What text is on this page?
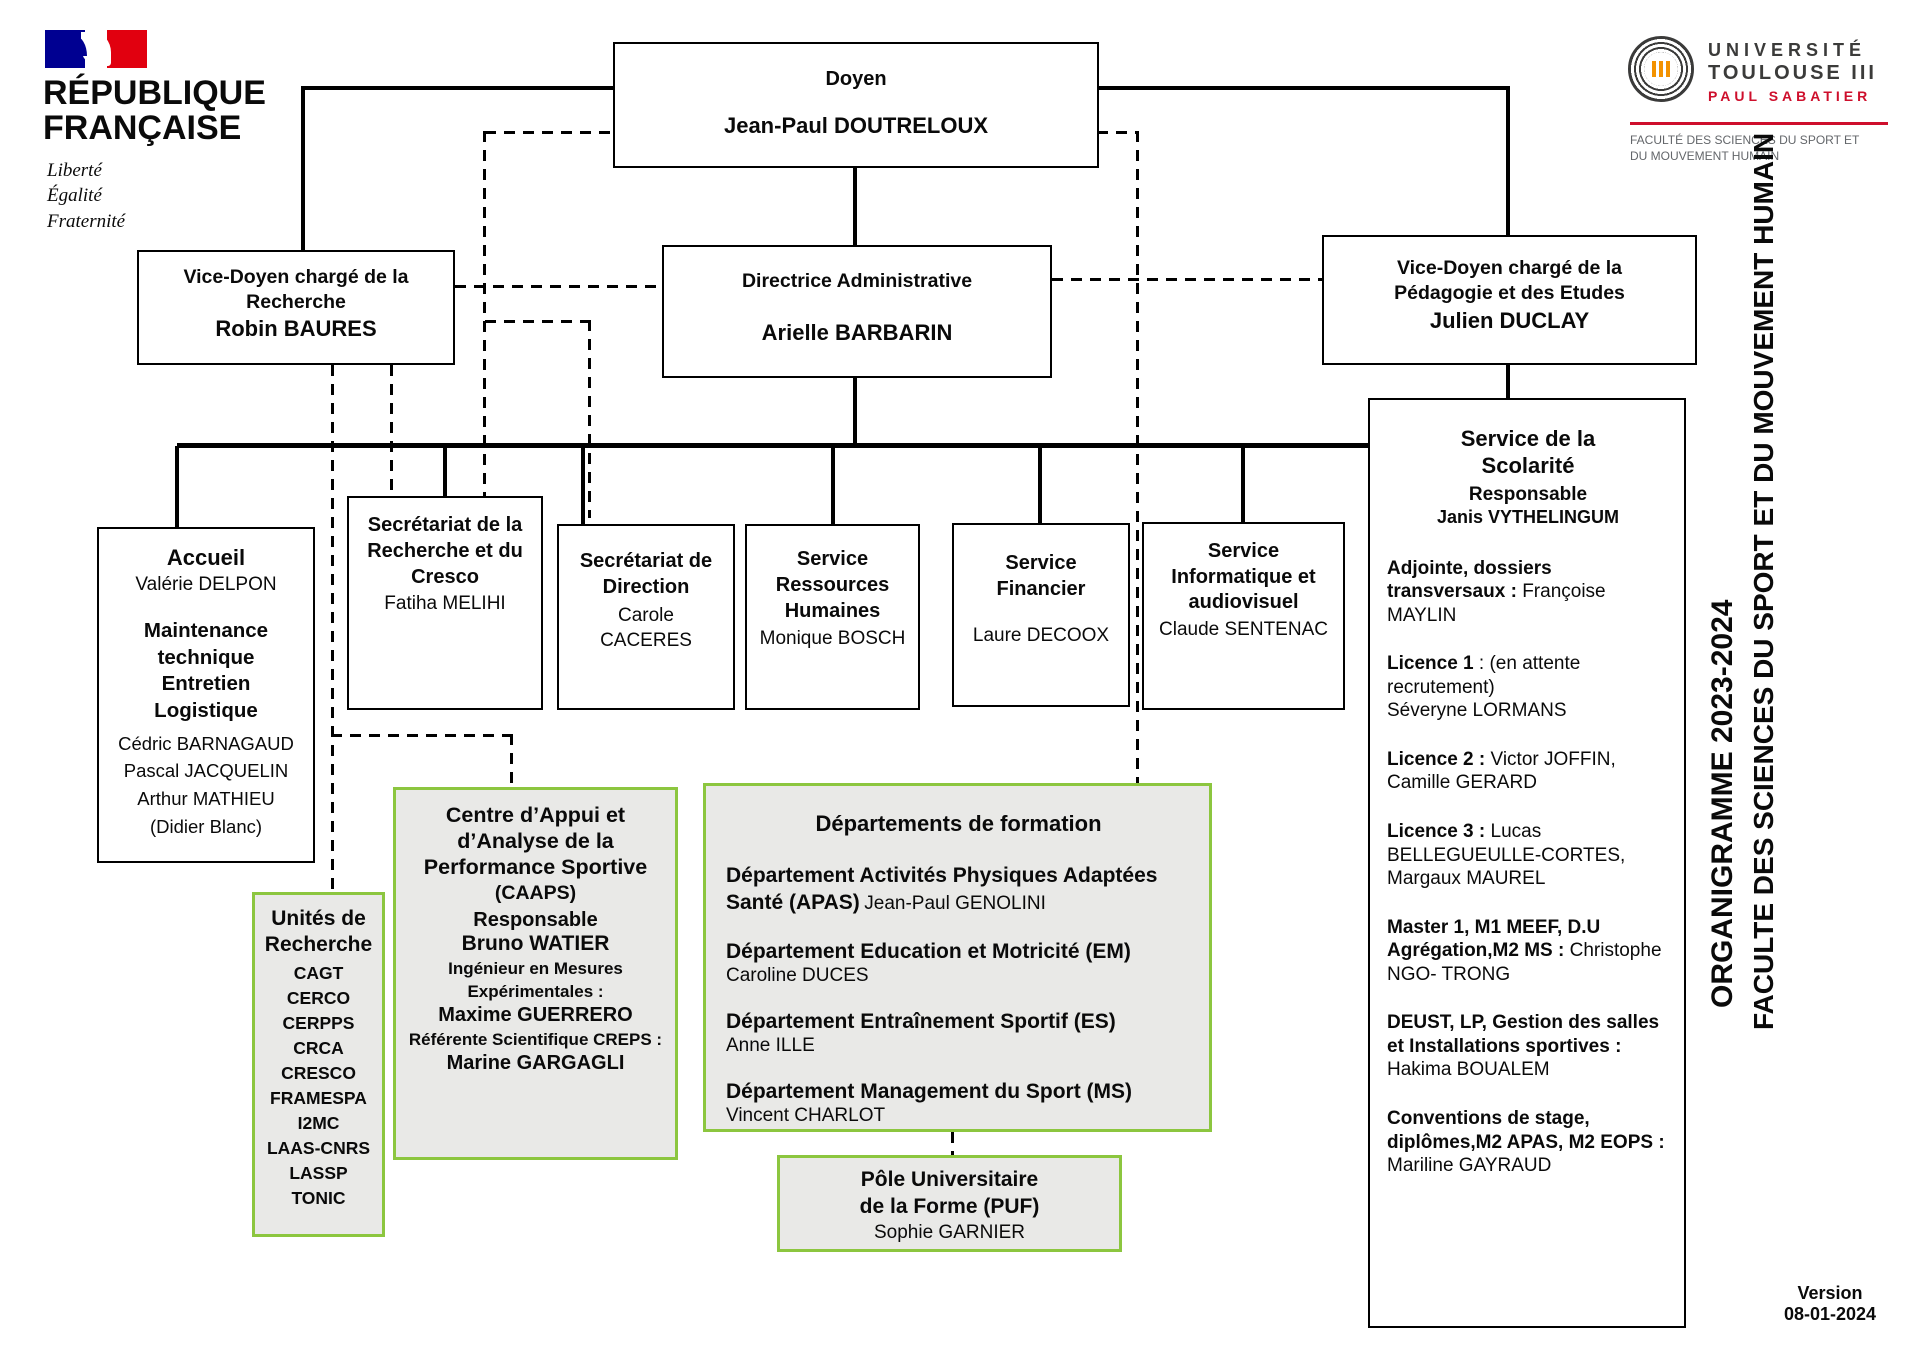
RÉPUBLIQUE
FRANÇAISE
Liberté
Égalité
Fraternité
UNIVERSITÉ
TOULOUSE III
PAUL SABATIER
FACULTÉ DES SCIENCES DU SPORT ET
DU MOUVEMENT HUMAIN
Doyen
Jean-Paul DOUTRELOUX
Vice-Doyen chargé de la
Recherche
Robin BAURES
Directrice Administrative
Arielle BARBARIN
Vice-Doyen chargé de la
Pédagogie et des Etudes
Julien DUCLAY
Accueil
Valérie DELPON
Maintenance
technique
Entretien
Logistique
Cédric BARNAGAUD
Pascal JACQUELIN
Arthur MATHIEU
(Didier Blanc)
Secrétariat de la Recherche et du Cresco
Fatiha MELIHI
Secrétariat de Direction
Carole CACERES
Service Ressources Humaines
Monique BOSCH
Service Financier
Laure DECOOX
Service Informatique et audiovisuel
Claude SENTENAC
Service de la
Scolarité
Responsable
Janis VYTHELINGUM

Adjointe, dossiers transversaux : Françoise MAYLIN

Licence 1 : (en attente recrutement)
Séveryne LORMANS

Licence 2 : Victor JOFFIN, Camille GERARD

Licence 3 : Lucas BELLEGUEULLE-CORTES, Margaux MAUREL

Master 1, M1 MEEF, D.U Agrégation,M2 MS : Christophe NGO- TRONG

DEUST, LP, Gestion des salles et Installations sportives : Hakima BOUALEM

Conventions de stage, diplômes,M2 APAS, M2 EOPS : Mariline GAYRAUD

Unités de
Recherche
CAGT
CERCO
CERPPS
CRCA
CRESCO
FRAMESPA
I2MC
LAAS-CNRS
LASSP
TONIC
Centre d’Appui et d’Analyse de la Performance Sportive (CAAPS)
Responsable
Bruno WATIER
Ingénieur en Mesures Expérimentales :
Maxime GUERRERO
Référente Scientifique CREPS :
Marine GARGAGLI
Départements de formation

Département Activités Physiques Adaptées Santé (APAS) Jean-Paul GENOLINI

Département Education et Motricité (EM)
Caroline DUCES

Département Entraînement Sportif (ES)
Anne ILLE

Département Management du Sport (MS)
Vincent CHARLOT

Pôle Universitaire
de la Forme (PUF)
Sophie GARNIER
ORGANIGRAMME 2023-2024 FACULTE DES SCIENCES DU SPORT ET DU MOUVEMENT HUMAIN
Version
08-01-2024
